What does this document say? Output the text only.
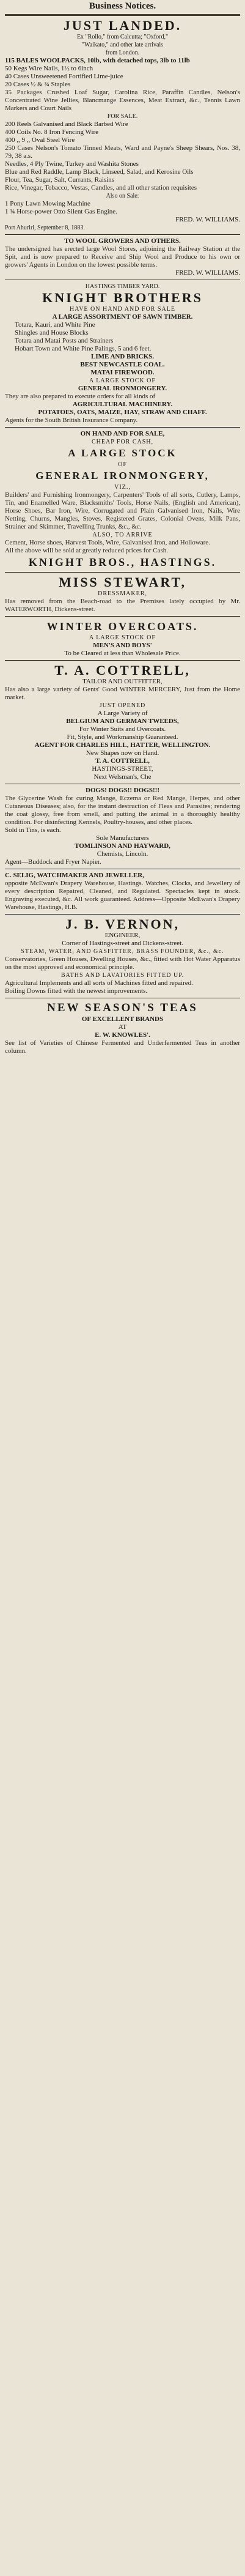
Business Notices.
JUST LANDED.
Ex "Rollo," from Calcutta; "Oxford,"
"Waikato," and other late arrivals
from London.
115 BALES WOOLPACKS, 10lb, with detached tops, 3lb to 11lb
50 Kegs Wire Nails, 1½ to 6inch
40 Cases Unsweetened Fortified Lime-juice
20 Cases ½ & ¾ Staples
35 Packages Crushed Loaf Sugar, Carolina Rice, Paraffin Candles, Nelson's Concentrated Wine Jellies, Blancmange Essences, Meat Extract, &c., Tennis Lawn Markers and Court Nails
FOR SALE.
200 Reels Galvanised and Black Barbed Wire
400 Coils No. 8 Iron Fencing Wire
400 ,, 9 ,, Oval Steel Wire
250 Cases Nelson's Tomato Tinned Meats, Ward and Payne's Sheep Shears, Nos. 38, 79, 38 a.s.
Needles, 4 Ply Twine, Turkey and Washita Stones
Blue and Red Raddle, Lamp Black, Linseed, Salad, and Kerosine Oils
Flour, Tea, Sugar, Salt, Currants, Raisins
Rice, Vinegar, Tobacco, Vestas, Candles, and all other station requisites
Also on Sale:
1 Pony Lawn Mowing Machine
1 ¾ Horse-power Otto Silent Gas Engine.
FRED. W. WILLIAMS.
Port Ahuriri, September 8, 1883.
TO WOOL GROWERS AND OTHERS.
The undersigned has erected large Wool Stores, adjoining the Railway Station at the Spit, and is now prepared to Receive and Ship Wool and Produce to his own or growers' Agents in London on the lowest possible terms.
FRED. W. WILLIAMS.
HASTINGS TIMBER YARD.
KNIGHT BROTHERS
HAVE ON HAND AND FOR SALE
A LARGE ASSORTMENT OF SAWN TIMBER.
Totara, Kauri, and White Pine
Shingles and House Blocks
Totara and Matai Posts and Strainers
Hobart Town and White Pine Palings, 5 and 6 feet.
LIME AND BRICKS.
BEST NEWCASTLE COAL.
MATAI FIREWOOD.
A LARGE STOCK OF
GENERAL IRONMONGERY.
They are also prepared to execute orders for all kinds of
AGRICULTURAL MACHINERY.
POTATOES, OATS, MAIZE, HAY, STRAW AND CHAFF.
Agents for the South British Insurance Company.
ON HAND AND FOR SALE,
CHEAP FOR CASH,
A LARGE STOCK
OF
GENERAL IRONMONGERY,
VIZ.,
Builders' and Furnishing Ironmongery, Carpenters' Tools of all sorts, Cutlery, Lamps, Tin, and Enamelled Ware, Blacksmiths' Tools, Horse Nails, (English and American), Horse Shoes, Bar Iron, Wire, Corrugated and Plain Galvanised Iron, Nails, Wire Netting, Churns, Mangles, Stoves, Registered Grates, Colonial Ovens, Milk Pans, Strainer and Skimmer, Travelling Trunks, &c., &c.
ALSO, TO ARRIVE
Cement, Horse shoes, Harvest Tools, Wire, Galvanised Iron, and Holloware.
All the above will be sold at greatly reduced prices for Cash.
KNIGHT BROS., HASTINGS.
MISS STEWART,
DRESSMAKER,
Has removed from the Beach-road to the Premises lately occupied by Mr. WATERWORTH, Dickens-street.
WINTER OVERCOATS.
A LARGE STOCK OF
MEN'S AND BOYS'
To be Cleared at less than Wholesale Price.
T. A. COTTRELL,
TAILOR AND OUTFITTER,
Has also a large variety of Gents' Good WINTER MERCERY, Just from the Home market.
JUST OPENED
A Large Variety of
BELGIUM AND GERMAN TWEEDS,
For Winter Suits and Overcoats.
Fit, Style, and Workmanship Guaranteed.
AGENT FOR CHARLES HILL, HATTER, WELLINGTON.
New Shapes now on Hand.
T. A. COTTRELL,
HASTINGS-STREET,
Next Welsman's, Che
DOGS! DOGS!! DOGS!!!
The Glycerine Wash for curing Mange, Eczema or Red Mange, Herpes, and other Cutaneous Diseases; also, for the instant destruction of Fleas and Parasites; rendering the coat glossy, free from smell, and putting the animal in a thoroughly healthy condition. For disinfecting Kennels, Poultry-houses, and other places.
Sold in Tins, is each.
Sole Manufacturers
TOMLINSON AND HAYWARD,
Chemists, Lincoln.
Agent—Buddock and Fryer Napier.
C. SELIG, WATCHMAKER AND JEWELLER,
opposite McEwan's Drapery Warehouse, Hastings. Watches, Clocks, and Jewellery of every description Repaired, Cleaned, and Regulated. Spectacles kept in stock. Engraving executed, &c. All work guaranteed. Address—Opposite McEwan's Drapery Warehouse, Hastings, H.B.
J. B. VERNON,
ENGINEER,
Corner of Hastings-street and Dickens-street.
STEAM, WATER, AND GASFITTER, BRASS FOUNDER, &c., &c.
Conservatories, Green Houses, Dwelling Houses, &c., fitted with Hot Water Apparatus on the most approved and economical principle.
BATHS AND LAVATORIES FITTED UP.
Agricultural Implements and all sorts of Machines fitted and repaired.
Boiling Downs fitted with the newest improvements.
NEW SEASON'S TEAS
OF EXCELLENT BRANDS
AT
E. W. KNOWLES'.
See list of Varieties of Chinese Fermented and Underfermented Teas in another column.
